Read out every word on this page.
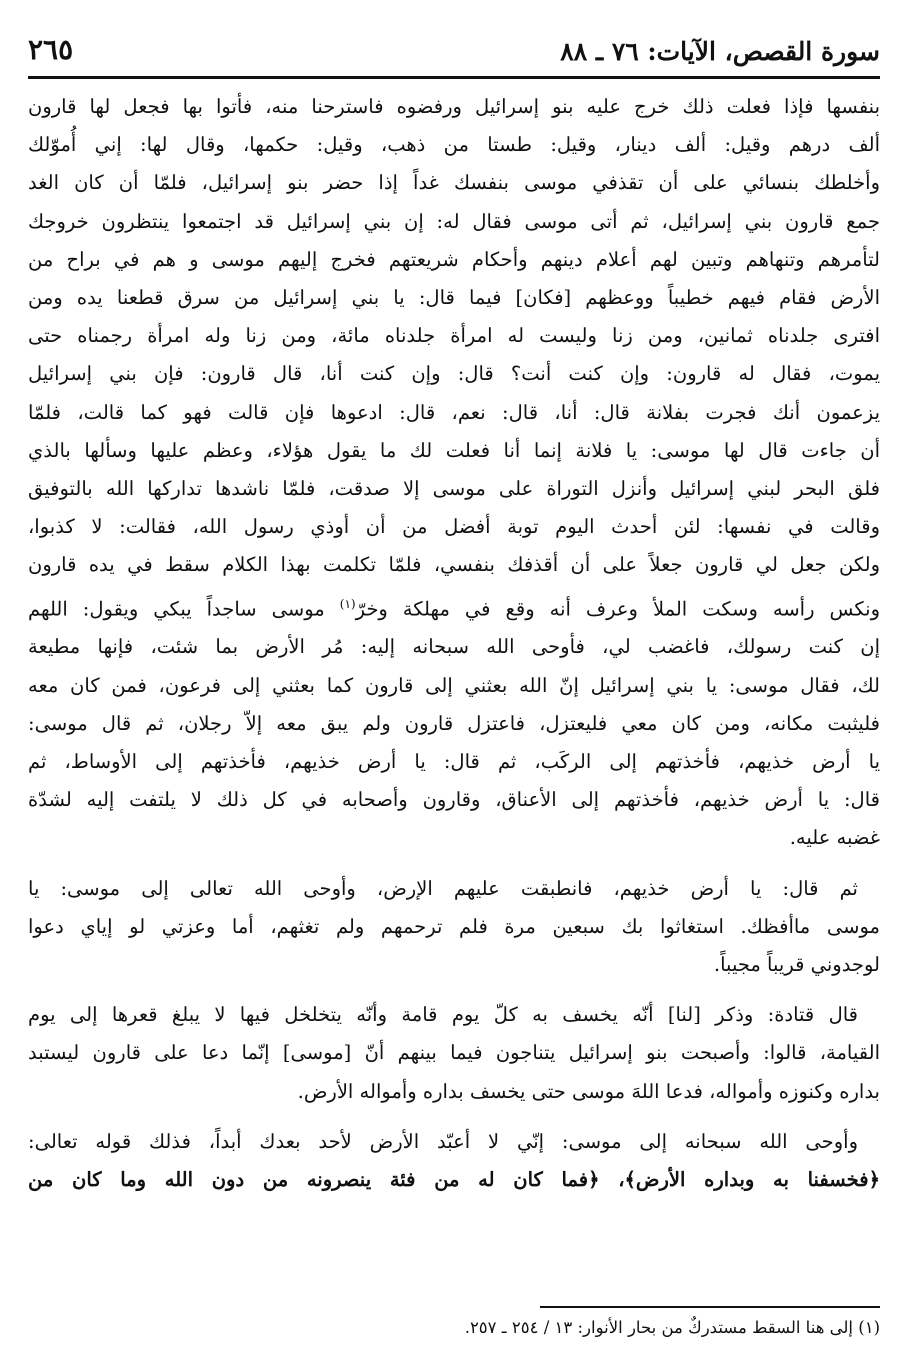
سورة القصص، الآيات: ٧٦ ـ ٨٨
٢٦٥
بنفسها فإذا فعلت ذلك خرج عليه بنو إسرائيل ورفضوه فاسترحنا منه، فأتوا بها فجعل لها قارون
ألف درهم وقيل: ألف دينار، وقيل: طستا من ذهب، وقيل: حكمها، وقال لها: إني أُموّلك
وأخلطك بنسائي على أن تقذفي موسى بنفسك غداً إذا حضر بنو إسرائيل، فلمّا أن كان الغد
جمع قارون بني إسرائيل، ثم أتى موسى فقال له: إن بني إسرائيل قد اجتمعوا ينتظرون خروجك
لتأمرهم وتنهاهم وتبين لهم أعلام دينهم وأحكام شريعتهم فخرج إليهم موسى و هم في براح من
الأرض فقام فيهم خطيباً ووعظهم [فكان] فيما قال: يا بني إسرائيل من سرق قطعنا يده ومن
افترى جلدناه ثمانين، ومن زنا وليست له امرأة جلدناه مائة، ومن زنا وله امرأة رجمناه حتى
يموت، فقال له قارون: وإن كنت أنت؟ قال: وإن كنت أنا، قال قارون: فإن بني إسرائيل
يزعمون أنك فجرت بفلانة قال: أنا، قال: نعم، قال: ادعوها فإن قالت فهو كما قالت، فلمّا
أن جاءت قال لها موسى: يا فلانة إنما أنا فعلت لك ما يقول هؤلاء، وعظم عليها وسألها بالذي
فلق البحر لبني إسرائيل وأنزل التوراة على موسى إلا صدقت، فلمّا ناشدها تداركها الله بالتوفيق
وقالت في نفسها: لئن أحدث اليوم توبة أفضل من أن أوذي رسول الله، فقالت: لا كذبوا،
ولكن جعل لي قارون جعلاً على أن أقذفك بنفسي، فلمّا تكلمت بهذا الكلام سقط في يده قارون
ونكس رأسه وسكت الملأ وعرف أنه وقع في مهلكة وخرّ$^{(١)}$ موسى ساجداً يبكي ويقول: اللهم
إن كنت رسولك، فاغضب لي، فأوحى الله سبحانه إليه: مُر الأرض بما شئت، فإنها مطيعة
لك، فقال موسى: يا بني إسرائيل إنّ الله بعثني إلى قارون كما بعثني إلى فرعون، فمن كان معه
فليثبت مكانه، ومن كان معي فليعتزل، فاعتزل قارون ولم يبق معه إلاّ رجلان، ثم قال موسى:
يا أرض خذيهم، فأخذتهم إلى الركَب، ثم قال: يا أرض خذيهم، فأخذتهم إلى الأوساط، ثم
قال: يا أرض خذيهم، فأخذتهم إلى الأعناق، وقارون وأصحابه في كل ذلك لا يلتفت إليه لشدّة
غضبه عليه.
ثم قال: يا أرض خذيهم، فانطبقت عليهم الإرض، وأوحى الله تعالى إلى موسى: يا
موسى ماأفظك. استغاثوا بك سبعين مرة فلم ترحمهم ولم تغثهم، أما وعزتي لو إياي دعوا
لوجدوني قريباً مجيباً.
قال قتادة: وذكر [لنا] أنّه يخسف به كلّ يوم قامة وأنّه يتخلخل فيها لا يبلغ قعرها إلى يوم
القيامة، قالوا: وأصبحت بنو إسرائيل يتناجون فيما بينهم أنّ [موسى] إنّما دعا على قارون ليستبد
بداره وكنوزه وأمواله، فدعا اللهَ موسى حتى يخسف بداره وأمواله الأرض.
وأوحى الله سبحانه إلى موسى: إنّي لا أعبّد الأرض لأحد بعدك أبداً، فذلك قوله تعالى:
﴿فخسفنا به وبداره الأرض﴾، ﴿فما كان له من فئة ينصرونه من دون الله وما كان من
(١) إلى هنا السقط مستدركٌ من بحار الأنوار: ١٣ / ٢٥٤ ـ ٢٥٧.
